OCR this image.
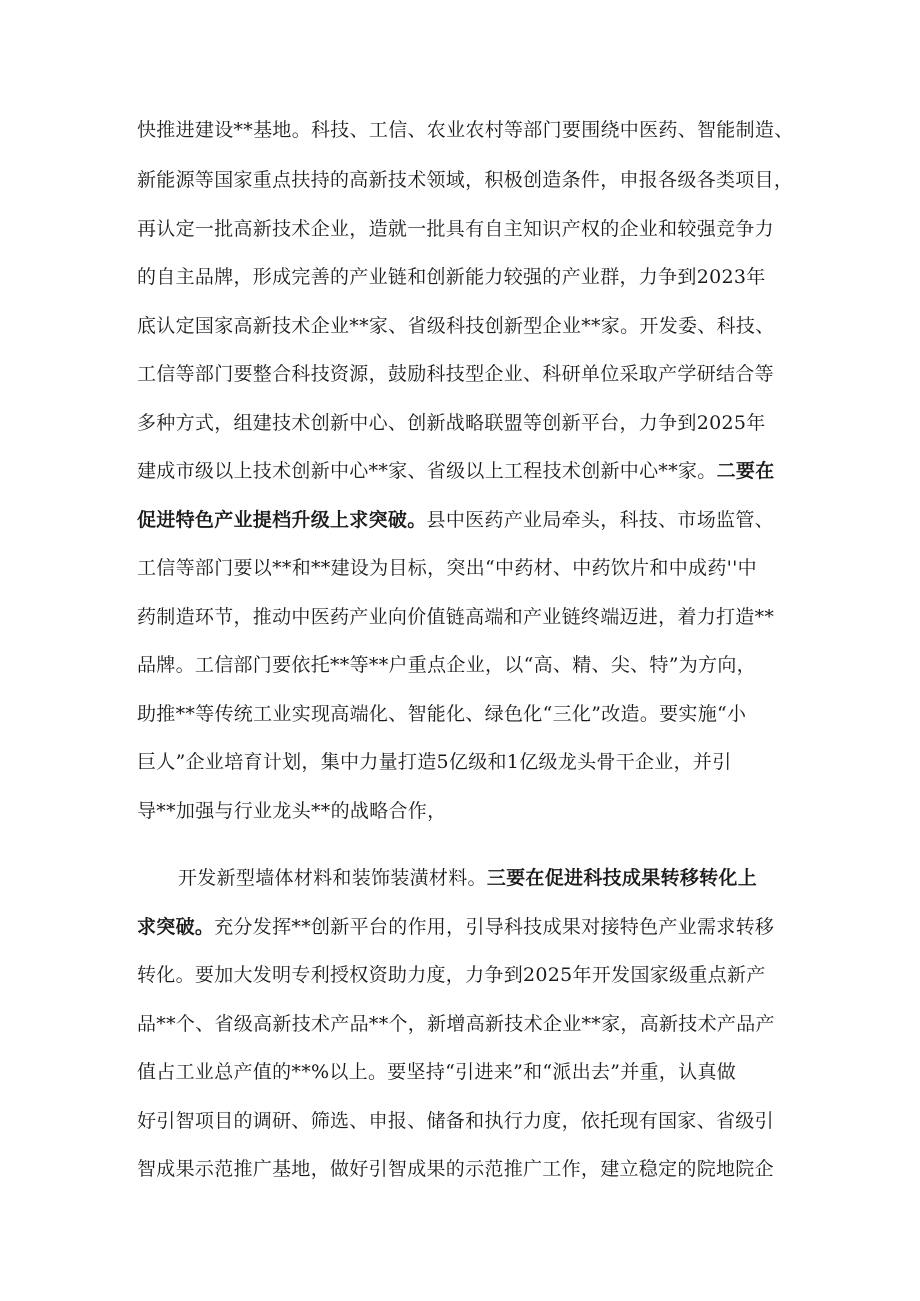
快推进建设**基地。科技、工信、农业农村等部门要围绕中医药、智能制造、
新能源等国家重点扶持的高新技术领域，积极创造条件，申报各级各类项目，
再认定一批高新技术企业，造就一批具有自主知识产权的企业和较强竞争力
的自主品牌，形成完善的产业链和创新能力较强的产业群，力争到2023年
底认定国家高新技术企业**家、省级科技创新型企业**家。开发委、科技、
工信等部门要整合科技资源，鼓励科技型企业、科研单位采取产学研结合等
多种方式，组建技术创新中心、创新战略联盟等创新平台，力争到2025年
建成市级以上技术创新中心**家、省级以上工程技术创新中心**家。二要在
促进特色产业提档升级上求突破。县中医药产业局牵头，科技、市场监管、
工信等部门要以**和**建设为目标，突出“中药材、中药饮片和中成药''中
药制造环节，推动中医药产业向价值链高端和产业链终端迈进，着力打造**
品牌。工信部门要依托**等**户重点企业，以“高、精、尖、特”为方向，
助推**等传统工业实现高端化、智能化、绿色化“三化”改造。要实施“小
巨人”企业培育计划，集中力量打造5亿级和1亿级龙头骨干企业，并引
导**加强与行业龙头**的战略合作，
开发新型墙体材料和装饰装潢材料。三要在促进科技成果转移转化上
求突破。充分发挥**创新平台的作用，引导科技成果对接特色产业需求转移
转化。要加大发明专利授权资助力度，力争到2025年开发国家级重点新产
品**个、省级高新技术产品**个，新增高新技术企业**家，高新技术产品产
值占工业总产值的**%以上。要坚持“引进来”和“派出去”并重，认真做
好引智项目的调研、筛选、申报、储备和执行力度，依托现有国家、省级引
智成果示范推广基地，做好引智成果的示范推广工作，建立稳定的院地院企
